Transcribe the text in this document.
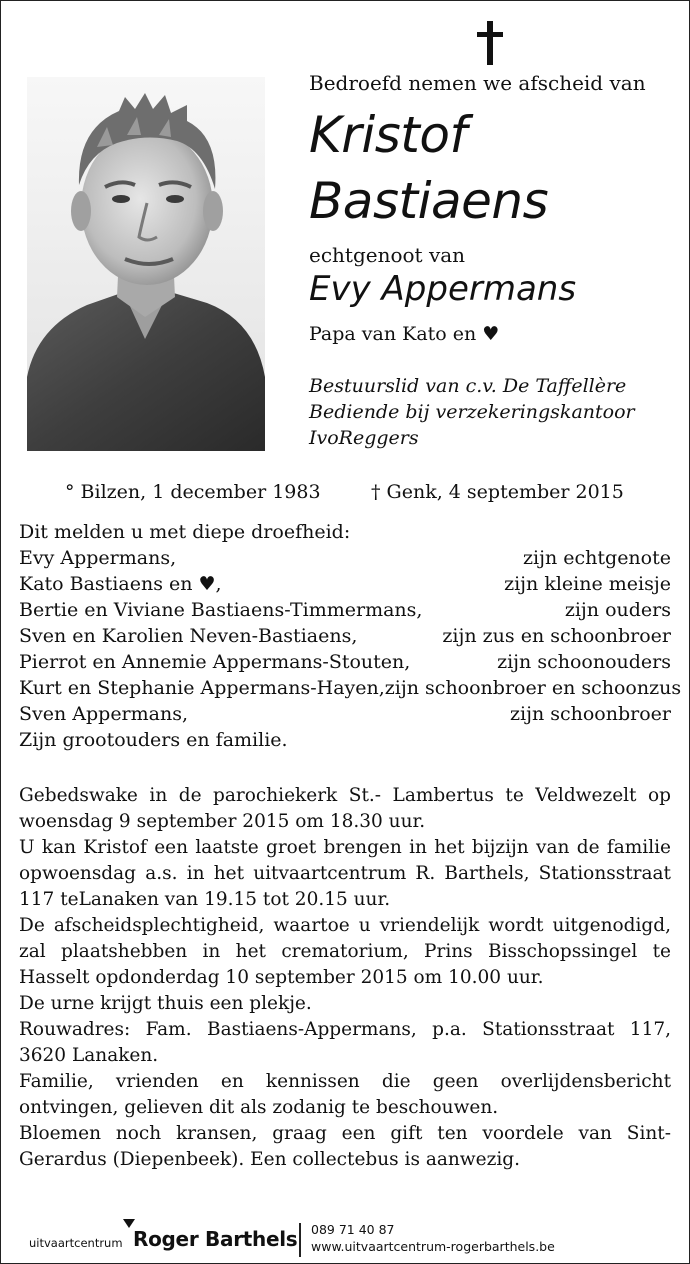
Bedroefd nemen we afscheid van
Kristof
Bastiaens
echtgenoot van
Evy Appermans
Papa van Kato en ♥
Bestuurslid van c.v. De Taffellère
Bediende bij verzekeringskantoor
IvoReggers
° Bilzen, 1 december 1983	† Genk, 4 september 2015
Dit melden u met diepe droefheid:
Evy Appermans,	zijn echtgenote
Kato Bastiaens en ♥,	zijn kleine meisje
Bertie en Viviane Bastiaens-Timmermans,	zijn ouders
Sven en Karolien Neven-Bastiaens,	zijn zus en schoonbroer
Pierrot en Annemie Appermans-Stouten,	zijn schoonouders
Kurt en Stephanie Appermans-Hayen, zijn schoonbroer en schoonzus
Sven Appermans,	zijn schoonbroer
Zijn grootouders en familie.

Gebedswake in de parochiekerk St.- Lambertus te Veldwezelt op woensdag 9 september 2015 om 18.30 uur.

U kan Kristof een laatste groet brengen in het bijzijn van de familie opwoensdag a.s. in het uitvaartcentrum R. Barthels, Stationsstraat 117 teLanaken van 19.15 tot 20.15 uur.

De afscheidsplechtigheid, waartoe u vriendelijk wordt uitgenodigd, zal plaatshebben in het crematorium, Prins Bisschopssingel te Hasselt opdonderdag 10 september 2015 om 10.00 uur.

De urne krijgt thuis een plekje.

Rouwadres: Fam. Bastiaens-Appermans, p.a. Stationsstraat 117, 3620 Lanaken.

Familie, vrienden en kennissen die geen overlijdensbericht ontvingen, gelieven dit als zodanig te beschouwen.

Bloemen noch kransen, graag een gift ten voordele van Sint-Gerardus (Diepenbeek). Een collectebus is aanwezig.

uitvaartcentrum Roger Barthels 089 71 40 87
www.uitvaartcentrum-rogerbarthels.be
